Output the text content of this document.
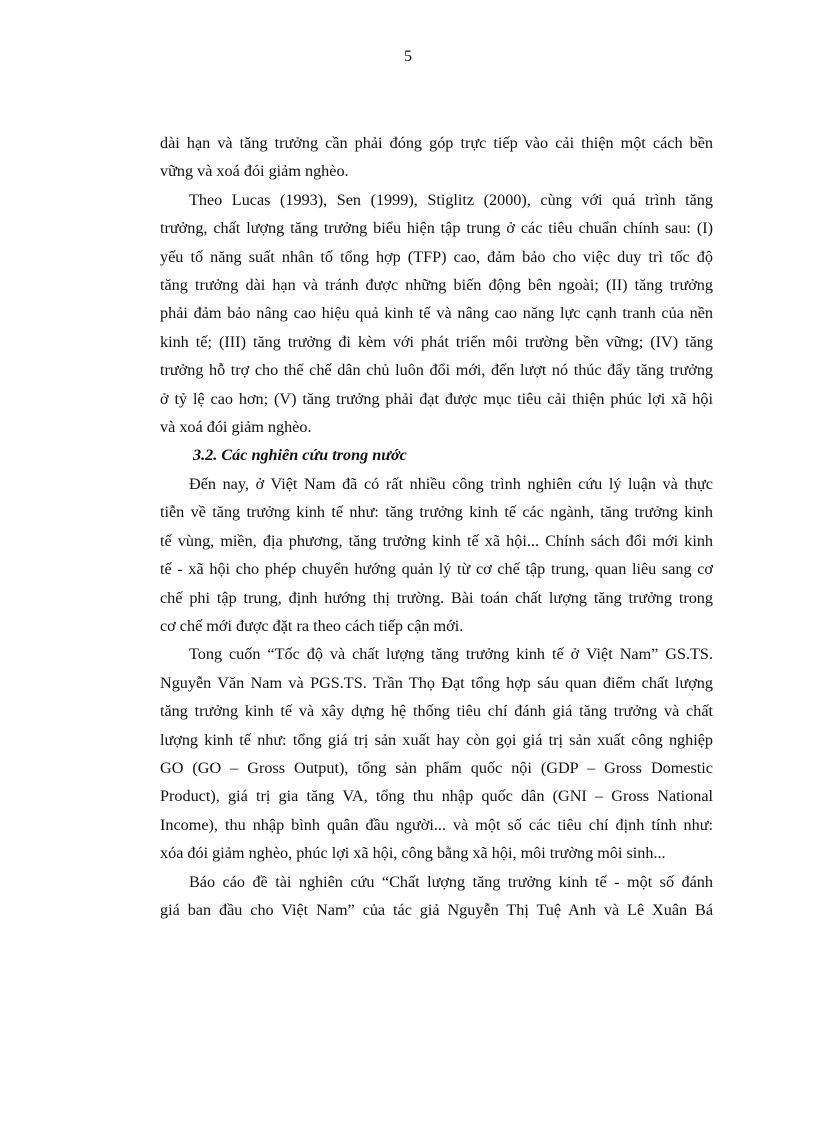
5
dài hạn và tăng trưởng cần phải đóng góp trực tiếp vào cải thiện một cách bền
vững và xoá đói giảm nghèo.
Theo Lucas (1993), Sen (1999), Stiglitz (2000), cùng với quá trình tăng
trưởng, chất lượng tăng trưởng biểu hiện tập trung ở các tiêu chuẩn chính sau: (I)
yếu tố năng suất nhân tố tổng hợp (TFP) cao, đảm bảo cho việc duy trì tốc độ
tăng trưởng dài hạn và tránh được những biến động bên ngoài; (II) tăng trưởng
phải đảm bảo nâng cao hiệu quả kinh tế và nâng cao năng lực cạnh tranh của nền
kinh tế; (III) tăng trưởng đi kèm với phát triển môi trường bền vững; (IV) tăng
trưởng hỗ trợ cho thể chế dân chủ luôn đổi mới, đến lượt nó thúc đẩy tăng trưởng
ở tỷ lệ cao hơn; (V) tăng trưởng phải đạt được mục tiêu cải thiện phúc lợi xã hội
và xoá đói giảm nghèo.
3.2. Các nghiên cứu trong nước
Đến nay, ở Việt Nam đã có rất nhiều công trình nghiên cứu lý luận và thực
tiễn về tăng trưởng kinh tế như: tăng trưởng kinh tế các ngành, tăng trưởng kinh
tế vùng, miền, địa phương, tăng trưởng kinh tế xã hội... Chính sách đổi mới kinh
tế - xã hội cho phép chuyển hướng quản lý từ cơ chế tập trung, quan liêu sang cơ
chế phi tập trung, định hướng thị trường. Bài toán chất lượng tăng trưởng trong
cơ chế mới được đặt ra theo cách tiếp cận mới.
Tong cuốn “Tốc độ và chất lượng tăng trưởng kinh tế ở Việt Nam” GS.TS.
Nguyễn Văn Nam và PGS.TS. Trần Thọ Đạt tổng hợp sáu quan điểm chất lượng
tăng trưởng kinh tế và xây dựng hệ thống tiêu chí đánh giá tăng trưởng và chất
lượng kinh tế như: tổng giá trị sản xuất hay còn gọi giá trị sản xuất công nghiệp
GO (GO – Gross Output), tổng sản phẩm quốc nội (GDP – Gross Domestic
Product), giá trị gia tăng VA, tổng thu nhập quốc dân (GNI – Gross National
Income), thu nhập bình quân đầu người... và một số các tiêu chí định tính như:
xóa đói giảm nghèo, phúc lợi xã hội, công bằng xã hội, môi trường môi sinh...
Báo cáo đề tài nghiên cứu “Chất lượng tăng trưởng kinh tế - một số đánh
giá ban đầu cho Việt Nam” của tác giả Nguyễn Thị Tuệ Anh và Lê Xuân Bá
